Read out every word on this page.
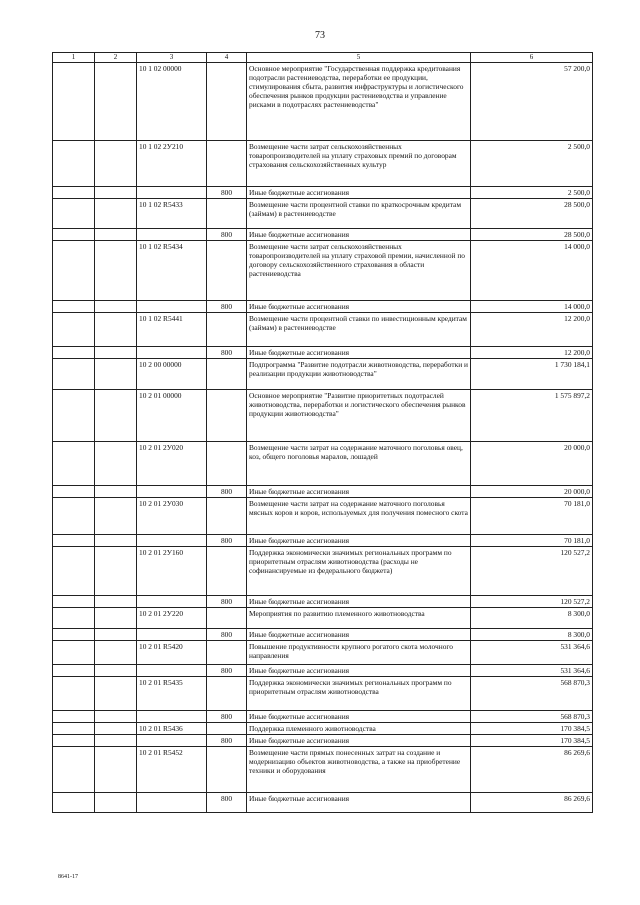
73
1	2	3	4	5	6
		10 1 02 00000		Основное мероприятие "Государственная поддержка кредитования подотрасли растениеводства, переработки ее продукции, стимулирования сбыта, развития инфраструктуры и логистического обеспечения рынков продукции растениеводства и управление рисками в подотраслях растениеводства"	57 200,0
		10 1 02 2У210		Возмещение части затрат сельскохозяйственных товаропроизводителей на уплату страховых премий по договорам страхования сельскохозяйственных культур	2 500,0
			800	Иные бюджетные ассигнования	2 500,0
		10 1 02 R5433		Возмещение части процентной ставки по краткосрочным кредитам (займам) в растениеводстве	28 500,0
			800	Иные бюджетные ассигнования	28 500,0
		10 1 02 R5434		Возмещение части затрат сельскохозяйственных товаропроизводителей на уплату страховой премии, начисленной по договору сельскохозяйственного страхования в области растениеводства	14 000,0
			800	Иные бюджетные ассигнования	14 000,0
		10 1 02 R5441		Возмещение части процентной ставки по инвестиционным кредитам (займам) в растениеводстве	12 200,0
			800	Иные бюджетные ассигнования	12 200,0
		10 2 00 00000		Подпрограмма "Развитие подотрасли животноводства, переработки и реализации продукции животноводства"	1 730 184,1
		10 2 01 00000		Основное мероприятие "Развитие приоритетных подотраслей животноводства, переработки и логистического обеспечения рынков продукции животноводства"	1 575 897,2
		10 2 01 2У020		Возмещение части затрат на содержание маточного поголовья овец, коз, общего поголовья маралов, лошадей	20 000,0
			800	Иные бюджетные ассигнования	20 000,0
		10 2 01 2У030		Возмещение части затрат на содержание маточного поголовья мясных коров и коров, используемых для получения помесного скота	70 181,0
			800	Иные бюджетные ассигнования	70 181,0
		10 2 01 2У160		Поддержка экономически значимых региональных программ по приоритетным отраслям животноводства (расходы не софинансируемые из федерального бюджета)	120 527,2
			800	Иные бюджетные ассигнования	120 527,2
		10 2 01 2У220		Мероприятия по развитию племенного животноводства	8 300,0
			800	Иные бюджетные ассигнования	8 300,0
		10 2 01 R5420		Повышение продуктивности крупного рогатого скота молочного направления	531 364,6
			800	Иные бюджетные ассигнования	531 364,6
		10 2 01 R5435		Поддержка экономически значимых региональных программ по приоритетным отраслям животноводства	568 870,3
			800	Иные бюджетные ассигнования	568 870,3
		10 2 01 R5436		Поддержка племенного животноводства	170 384,5
			800	Иные бюджетные ассигнования	170 384,5
		10 2 01 R5452		Возмещение части прямых понесенных затрат на создание и модернизацию объектов животноводства, а также на приобретение техники и оборудования	86 269,6
			800	Иные бюджетные ассигнования	86 269,6
8641-17
